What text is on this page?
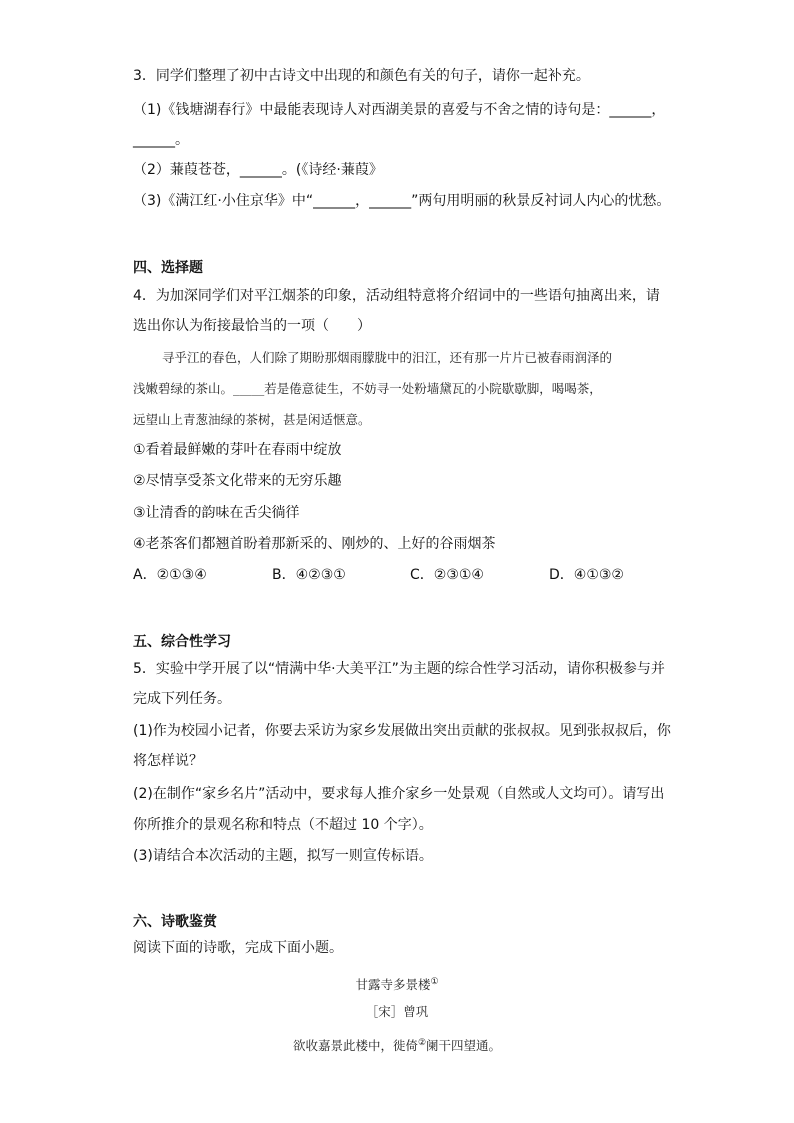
3．同学们整理了初中古诗文中出现的和颜色有关的句子，请你一起补充。
（1)《钱塘湖春行》中最能表现诗人对西湖美景的喜爱与不舍之情的诗句是：______，
______。
（2）蒹葭苍苍，______。(《诗经·蒹葭》
（3)《满江红·小住京华》中“______，______”两句用明丽的秋景反衬词人内心的忧愁。
四、选择题
4．为加深同学们对平江烟茶的印象，活动组特意将介绍词中的一些语句抽离出来，请
选出你认为衔接最恰当的一项（　　）
寻乎江的春色，人们除了期盼那烟雨朦胧中的汨江，还有那一片片已被春雨润泽的
浅嫩碧绿的茶山。_____若是倦意徒生，不妨寻一处粉墙黛瓦的小院歇歇脚，喝喝茶，
远望山上青葱油绿的茶树，甚是闲适惬意。
①看着最鲜嫩的芽叶在春雨中绽放
②尽情享受茶文化带来的无穷乐趣
③让清香的韵味在舌尖徜徉
④老茶客们都翘首盼着那新采的、刚炒的、上好的谷雨烟茶
A．②①③④	B．④②③①	C．②③①④	D．④①③②
五、综合性学习
5．实验中学开展了以“情满中华·大美平江”为主题的综合性学习活动，请你积极参与并
完成下列任务。
(1)作为校园小记者，你要去采访为家乡发展做出突出贡献的张叔叔。见到张叔叔后，你
将怎样说？
(2)在制作“家乡名片”活动中，要求每人推介家乡一处景观（自然或人文均可）。请写出
你所推介的景观名称和特点（不超过 10 个字）。
(3)请结合本次活动的主题，拟写一则宣传标语。
六、诗歌鉴赏
阅读下面的诗歌，完成下面小题。
甘露寺多景楼①
［宋］曾巩
欲收嘉景此楼中，徙倚②阑干四望通。
